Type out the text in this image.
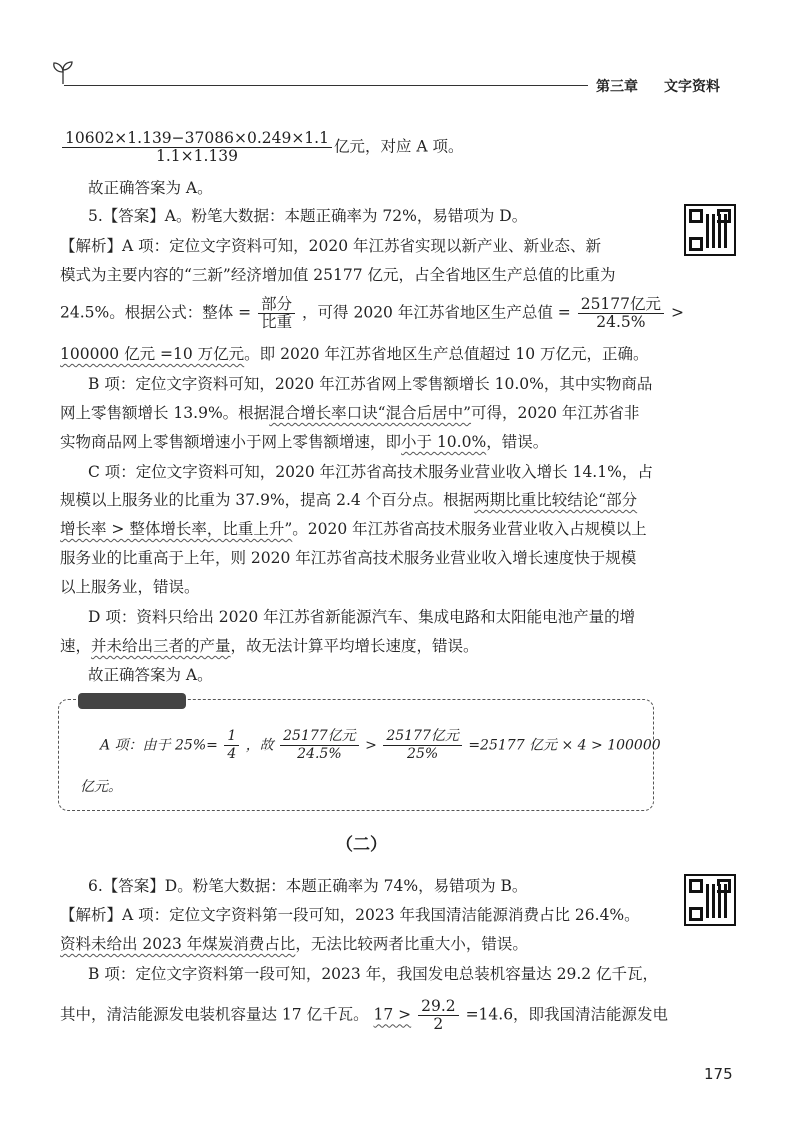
第三章 文字资料
$\frac{10602\times 1.139-37086\times 0.249\times 1.1}{1.1\times 1.139}$ 亿元，对应 A 项。
故正确答案为 A。
5.【答案】A。粉笔大数据：本题正确率为 72%，易错项为 D。
【解析】A 项：定位文字资料可知，2020 年江苏省实现以新产业、新业态、新
模式为主要内容的“三新”经济增加值 25177 亿元，占全省地区生产总值的比重为
24.5%。根据公式：整体 = $\frac{\text{部分}}{\text{比重}}$ ，可得 2020 年江苏省地区生产总值 = $\frac{\text{25177亿元}}{24.5\%}$ >
100000 亿元 =10 万亿元。即 2020 年江苏省地区生产总值超过 10 万亿元，正确。
B 项：定位文字资料可知，2020 年江苏省网上零售额增长 10.0%，其中实物商品
网上零售额增长 13.9%。根据混合增长率口诀“混合后居中”可得，2020 年江苏省非
实物商品网上零售额增速小于网上零售额增速，即小于 10.0%，错误。
C 项：定位文字资料可知，2020 年江苏省高技术服务业营业收入增长 14.1%，占
规模以上服务业的比重为 37.9%，提高 2.4 个百分点。根据两期比重比较结论“部分
增长率 > 整体增长率，比重上升”。2020 年江苏省高技术服务业营业收入占规模以上
服务业的比重高于上年，则 2020 年江苏省高技术服务业营业收入增长速度快于规模
以上服务业，错误。
D 项：资料只给出 2020 年江苏省新能源汽车、集成电路和太阳能电池产量的增
速，并未给出三者的产量，故无法计算平均增长速度，错误。
故正确答案为 A。
A 项：由于 $25\%= \frac{1}{4}$ ，故 $\frac{\text{25177亿元}}{24.5\%} > \frac{\text{25177亿元}}{25\%} =25177$ 亿元 × 4 > 100000
亿元。
（二）
6.【答案】D。粉笔大数据：本题正确率为 74%，易错项为 B。
【解析】A 项：定位文字资料第一段可知，2023 年我国清洁能源消费占比 26.4%。
资料未给出 2023 年煤炭消费占比，无法比较两者比重大小，错误。
B 项：定位文字资料第一段可知，2023 年，我国发电总装机容量达 29.2 亿千瓦，
其中，清洁能源发电装机容量达 17 亿千瓦。 $17 > \frac{29.2}{2} =14.6$，即我国清洁能源发电
175
